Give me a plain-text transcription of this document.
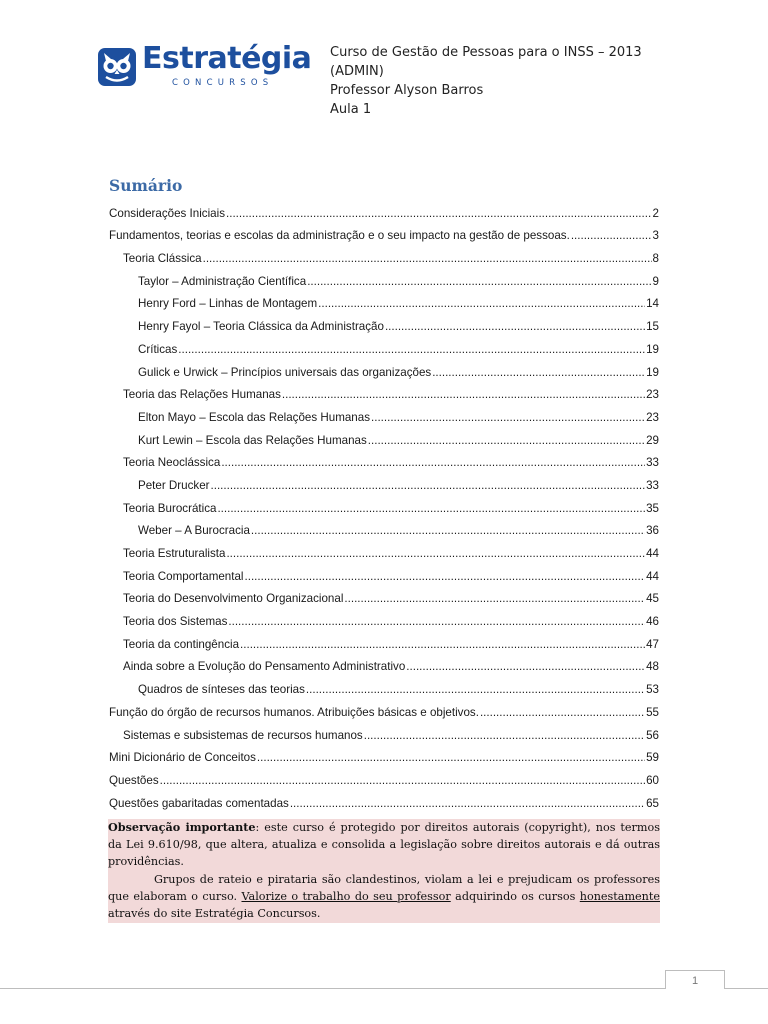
Estratégia
CONCURSOS
Curso de Gestão de Pessoas para o INSS – 2013
(ADMIN)
Professor Alyson Barros
Aula 1
Sumário
Considerações Iniciais .....	2
Fundamentos, teorias e escolas da administração e o seu impacto na gestão de pessoas. .....	3
Teoria Clássica .....	8
Taylor – Administração Científica .....	9
Henry Ford – Linhas de Montagem .....	14
Henry Fayol – Teoria Clássica da Administração .....	15
Críticas .....	19
Gulick e Urwick – Princípios universais das organizações .....	19
Teoria das Relações Humanas .....	23
Elton Mayo – Escola das Relações Humanas .....	23
Kurt Lewin – Escola das Relações Humanas .....	29
Teoria Neoclássica .....	33
Peter Drucker .....	33
Teoria Burocrática .....	35
Weber – A Burocracia .....	36
Teoria Estruturalista .....	44
Teoria Comportamental .....	44
Teoria do Desenvolvimento Organizacional .....	45
Teoria dos Sistemas .....	46
Teoria da contingência .....	47
Ainda sobre a Evolução do Pensamento Administrativo .....	48
Quadros de sínteses das teorias .....	53
Função do órgão de recursos humanos. Atribuições básicas e objetivos. .....	55
Sistemas e subsistemas de recursos humanos .....	56
Mini Dicionário de Conceitos .....	59
Questões .....	60
Questões gabaritadas comentadas .....	65

Observação importante: este curso é protegido por direitos autorais (copyright), nos termos da Lei 9.610/98, que altera, atualiza e consolida a legislação sobre direitos autorais e dá outras providências.

Grupos de rateio e pirataria são clandestinos, violam a lei e prejudicam os professores que elaboram o curso. Valorize o trabalho do seu professor adquirindo os cursos honestamente através do site Estratégia Concursos.

1
